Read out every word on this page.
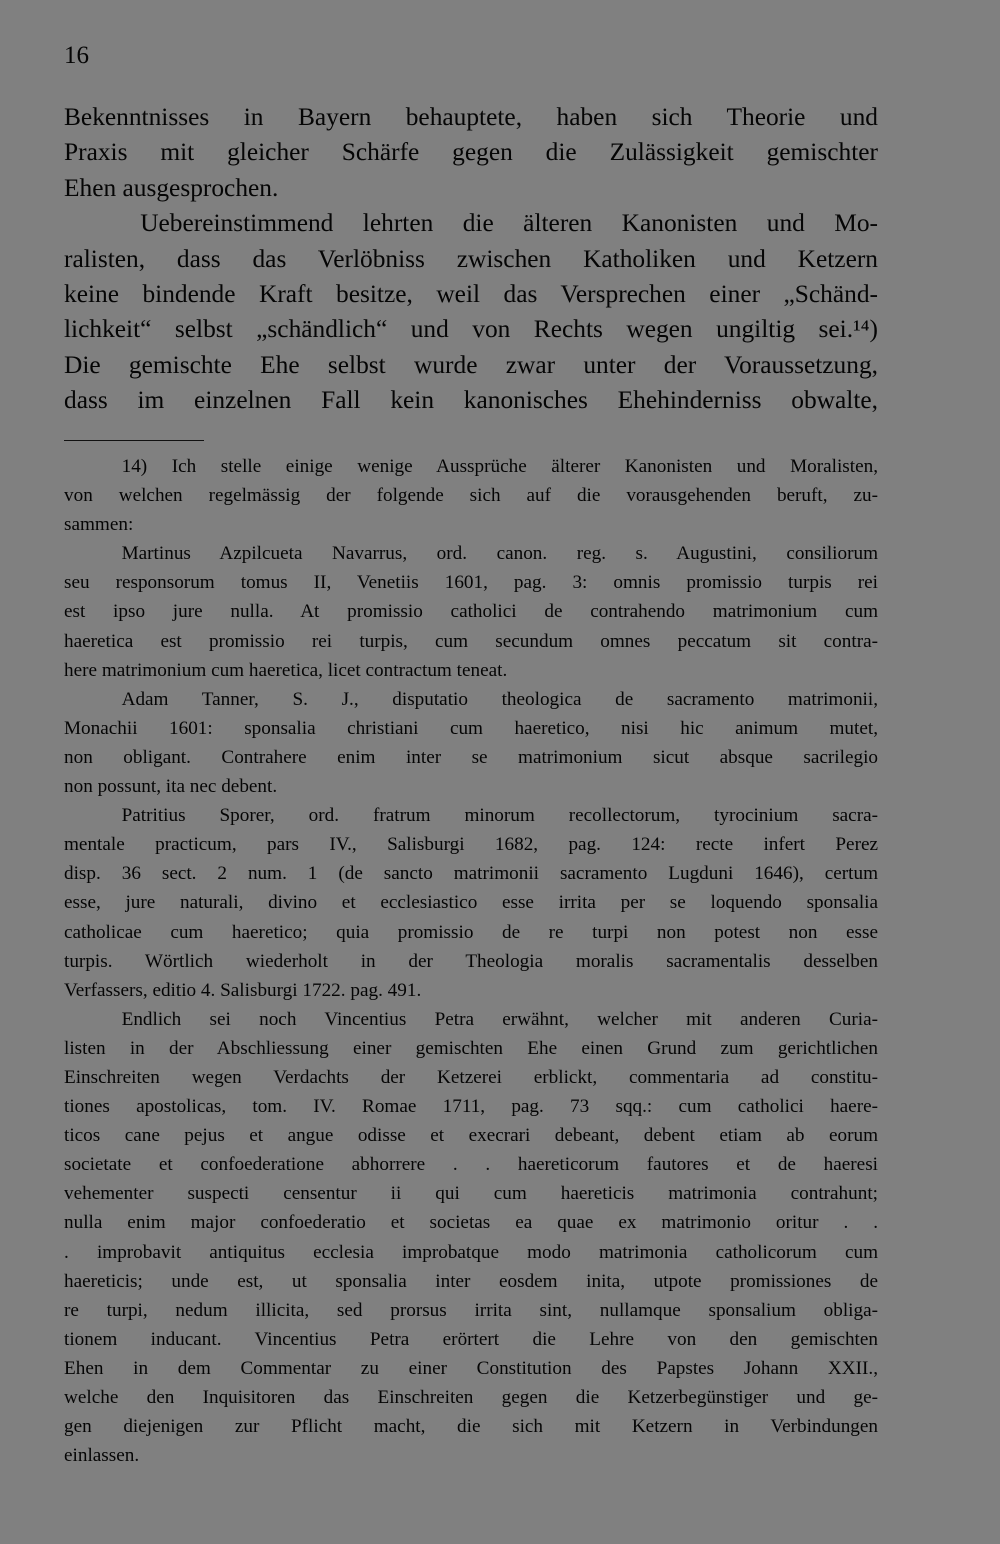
16
Bekenntnisses in Bayern behauptete, haben sich Theorie und
Praxis mit gleicher Schärfe gegen die Zulässigkeit gemischter
Ehen ausgesprochen.
Uebereinstimmend lehrten die älteren Kanonisten und Mo-
ralisten, dass das Verlöbniss zwischen Katholiken und Ketzern
keine bindende Kraft besitze, weil das Versprechen einer „Schänd-
lichkeit“ selbst „schändlich“ und von Rechts wegen ungiltig sei.¹⁴)
Die gemischte Ehe selbst wurde zwar unter der Voraussetzung,
dass im einzelnen Fall kein kanonisches Ehehinderniss obwalte,
14) Ich stelle einige wenige Aussprüche älterer Kanonisten und Moralisten,
von welchen regelmässig der folgende sich auf die vorausgehenden beruft, zu-
sammen:
Martinus Azpilcueta Navarrus, ord. canon. reg. s. Augustini, consiliorum
seu responsorum tomus II, Venetiis 1601, pag. 3: omnis promissio turpis rei
est ipso jure nulla. At promissio catholici de contrahendo matrimonium cum
haeretica est promissio rei turpis, cum secundum omnes peccatum sit contra-
here matrimonium cum haeretica, licet contractum teneat.
Adam Tanner, S. J., disputatio theologica de sacramento matrimonii,
Monachii 1601: sponsalia christiani cum haeretico, nisi hic animum mutet,
non obligant. Contrahere enim inter se matrimonium sicut absque sacrilegio
non possunt, ita nec debent.
Patritius Sporer, ord. fratrum minorum recollectorum, tyrocinium sacra-
mentale practicum, pars IV., Salisburgi 1682, pag. 124: recte infert Perez
disp. 36 sect. 2 num. 1 (de sancto matrimonii sacramento Lugduni 1646), certum
esse, jure naturali, divino et ecclesiastico esse irrita per se loquendo sponsalia
catholicae cum haeretico; quia promissio de re turpi non potest non esse
turpis. Wörtlich wiederholt in der Theologia moralis sacramentalis desselben
Verfassers, editio 4. Salisburgi 1722. pag. 491.
Endlich sei noch Vincentius Petra erwähnt, welcher mit anderen Curia-
listen in der Abschliessung einer gemischten Ehe einen Grund zum gerichtlichen
Einschreiten wegen Verdachts der Ketzerei erblickt, commentaria ad constitu-
tiones apostolicas, tom. IV. Romae 1711, pag. 73 sqq.: cum catholici haere-
ticos cane pejus et angue odisse et execrari debeant, debent etiam ab eorum
societate et confoederatione abhorrere . . haereticorum fautores et de haeresi
vehementer suspecti censentur ii qui cum haereticis matrimonia contrahunt;
nulla enim major confoederatio et societas ea quae ex matrimonio oritur . .
. improbavit antiquitus ecclesia improbatque modo matrimonia catholicorum cum
haereticis; unde est, ut sponsalia inter eosdem inita, utpote promissiones de
re turpi, nedum illicita, sed prorsus irrita sint, nullamque sponsalium obliga-
tionem inducant. Vincentius Petra erörtert die Lehre von den gemischten
Ehen in dem Commentar zu einer Constitution des Papstes Johann XXII.,
welche den Inquisitoren das Einschreiten gegen die Ketzerbegünstiger und ge-
gen diejenigen zur Pflicht macht, die sich mit Ketzern in Verbindungen
einlassen.
